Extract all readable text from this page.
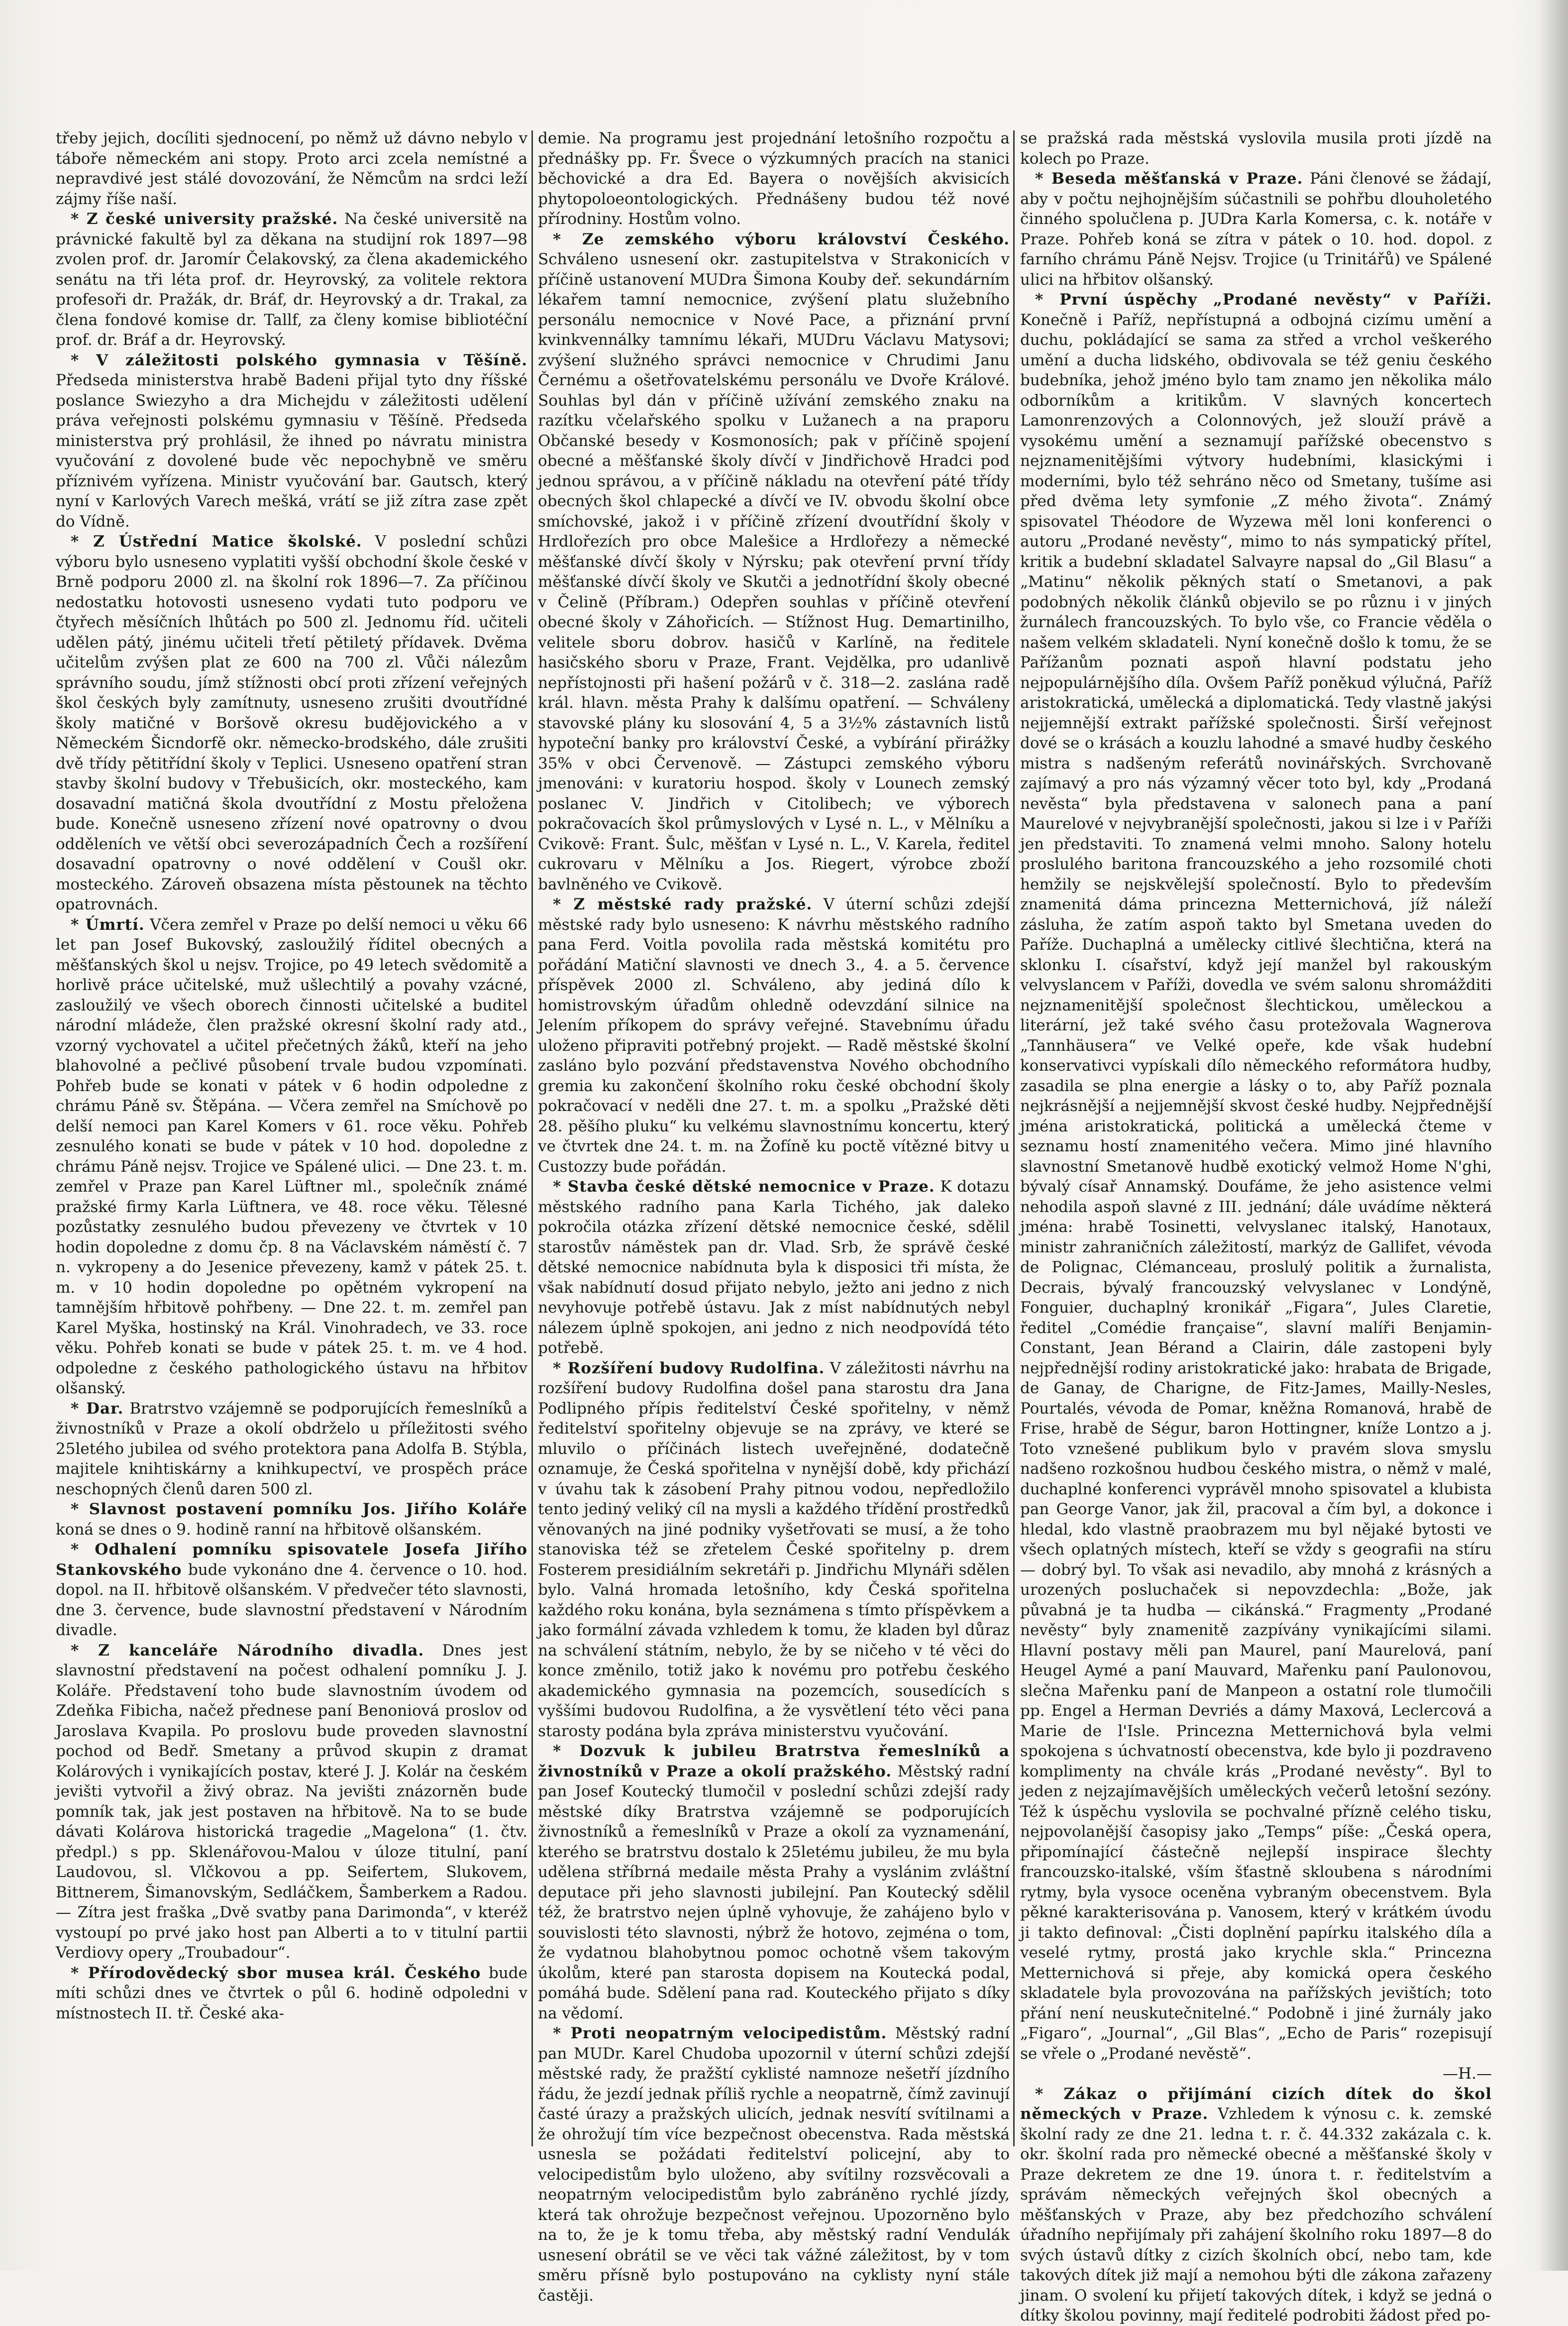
třeby jejich, docíliti sjednocení, po němž už dávno nebylo v táboře německém ani stopy. Proto arci zcela nemístné a nepravdivé jest stálé dovozování, že Němcům na srdci leží zájmy říše naší.

* Z české university pražské. Na české universitě na právnické fakultě byl za děkana na studijní rok 1897—98 zvolen prof. dr. Jaromír Čelakovský, za člena akademického senátu na tři léta prof. dr. Heyrovský, za volitele rektora profesoři dr. Pražák, dr. Bráf, dr. Heyrovský a dr. Trakal, za člena fondové komise dr. Tallf, za členy komise bibliotéční prof. dr. Bráf a dr. Heyrovský.

* V záležitosti polského gymnasia v Těšíně. Předseda ministerstva hrabě Badeni přijal tyto dny říšské poslance Swiezyho a dra Michejdu v záležitosti udělení práva veřejnosti polskému gymnasiu v Těšíně. Předseda ministerstva prý prohlásil, že ihned po návratu ministra vyučování z dovolené bude věc nepochybně ve směru příznivém vyřízena. Ministr vyučování bar. Gautsch, který nyní v Karlových Varech mešká, vrátí se již zítra zase zpět do Vídně.

* Z Ústřední Matice školské. V poslední schůzi výboru bylo usneseno vyplatiti vyšší obchodní škole české v Brně podporu 2000 zl. na školní rok 1896—7. Za příčinou nedostatku hotovosti usneseno vydati tuto podporu ve čtyřech měsíčních lhůtách po 500 zl. Jednomu říd. učiteli udělen pátý, jinému učiteli třetí pětiletý přídavek. Dvěma učitelům zvýšen plat ze 600 na 700 zl. Vůči nálezům správního soudu, jímž stížnosti obcí proti zřízení veřejných škol českých byly zamítnuty, usneseno zrušiti dvoutřídné školy matičné v Boršově okresu budějovického a v Německém Šicndorfě okr. německo-brodského, dále zrušiti dvě třídy pětitřídní školy v Teplici. Usneseno opatření stran stavby školní budovy v Třebušicích, okr. mosteckého, kam dosavadní matičná škola dvoutřídní z Mostu přeložena bude. Konečně usneseno zřízení nové opatrovny o dvou odděleních ve větší obci severozápadních Čech a rozšíření dosavadní opatrovny o nové oddělení v Coušl okr. mosteckého. Zároveň obsazena místa pěstounek na těchto opatrovnách.

* Úmrtí. Včera zemřel v Praze po delší nemoci u věku 66 let pan Josef Bukovský, zasloužilý říditel obecných a měšťanských škol u nejsv. Trojice, po 49 letech svědomitě a horlivě práce učitelské, muž ušlechtilý a povahy vzácné, zasloužilý ve všech oborech činnosti učitelské a buditel národní mládeže, člen pražské okresní školní rady atd., vzorný vychovatel a učitel přečetných žáků, kteří na jeho blahovolné a pečlivé působení trvale budou vzpomínati. Pohřeb bude se konati v pátek v 6 hodin odpoledne z chrámu Páně sv. Štěpána. — Včera zemřel na Smíchově po delší nemoci pan Karel Komers v 61. roce věku. Pohřeb zesnulého konati se bude v pátek v 10 hod. dopoledne z chrámu Páně nejsv. Trojice ve Spálené ulici. — Dne 23. t. m. zemřel v Praze pan Karel Lüftner ml., společník známé pražské firmy Karla Lüftnera, ve 48. roce věku. Tělesné pozůstatky zesnulého budou převezeny ve čtvrtek v 10 hodin dopoledne z domu čp. 8 na Václavském náměstí č. 7 n. vykropeny a do Jesenice převezeny, kamž v pátek 25. t. m. v 10 hodin dopoledne po opětném vykropení na tamnějším hřbitově pohřbeny. — Dne 22. t. m. zemřel pan Karel Myška, hostinský na Král. Vinohradech, ve 33. roce věku. Pohřeb konati se bude v pátek 25. t. m. ve 4 hod. odpoledne z českého pathologického ústavu na hřbitov olšanský.

* Dar. Bratrstvo vzájemně se podporujících řemeslníků a živnostníků v Praze a okolí obdrželo u příležitosti svého 25letého jubilea od svého protektora pana Adolfa B. Stýbla, majitele knihtiskárny a knihkupectví, ve prospěch práce neschopných členů daren 500 zl.

* Slavnost postavení pomníku Jos. Jiřího Koláře koná se dnes o 9. hodině ranní na hřbitově olšanském.

* Odhalení pomníku spisovatele Josefa Jiřího Stankovského bude vykonáno dne 4. července o 10. hod. dopol. na II. hřbitově olšanském. V předvečer této slavnosti, dne 3. července, bude slavnostní představení v Národním divadle.

* Z kanceláře Národního divadla. Dnes jest slavnostní představení na počest odhalení pomníku J. J. Koláře. Představení toho bude slavnostním úvodem od Zdeňka Fibicha, načež přednese paní Benoniová proslov od Jaroslava Kvapila. Po proslovu bude proveden slavnostní pochod od Bedř. Smetany a průvod skupin z dramat Kolárových i vynikajících postav, které J. J. Kolár na českém jevišti vytvořil a živý obraz. Na jevišti znázorněn bude pomník tak, jak jest postaven na hřbitově. Na to se bude dávati Kolárova historická tragedie „Magelona“ (1. čtv. předpl.) s pp. Sklenářovou-Malou v úloze titulní, paní Laudovou, sl. Vlčkovou a pp. Seifertem, Slukovem, Bittnerem, Šimanovským, Sedláčkem, Šamberkem a Radou. — Zítra jest fraška „Dvě svatby pana Darimonda“, v kteréž vystoupí po prvé jako host pan Alberti a to v titulní partii Verdiovy opery „Troubadour“.

* Přírodovědecký sbor musea král. Českého bude míti schůzi dnes ve čtvrtek o půl 6. hodině odpoledni v místnostech II. tř. České aka-

demie. Na programu jest projednání letošního rozpočtu a přednášky pp. Fr. Švece o výzkumných pracích na stanici běchovické a dra Ed. Bayera o novějších akvisicích phytopoloeontologických. Přednášeny budou též nové přírodniny. Hostům volno.

* Ze zemského výboru království Českého. Schváleno usnesení okr. zastupitelstva v Strakonicích v příčině ustanovení MUDra Šimona Kouby deř. sekundárním lékařem tamní nemocnice, zvýšení platu služebního personálu nemocnice v Nové Pace, a přiznání první kvinkvennálky tamnímu lékaři, MUDru Václavu Matysovi; zvýšení služného správci nemocnice v Chrudimi Janu Černému a ošetřovatelskému personálu ve Dvoře Králové. Souhlas byl dán v příčině užívání zemského znaku na razítku včelařského spolku v Lužanech a na praporu Občanské besedy v Kosmonosích; pak v příčině spojení obecné a měšťanské školy dívčí v Jindřichově Hradci pod jednou správou, a v příčině nákladu na otevření páté třídy obecných škol chlapecké a dívčí ve IV. obvodu školní obce smíchovské, jakož i v příčině zřízení dvoutřídní školy v Hrdlořezích pro obce Malešice a Hrdlořezy a německé měšťanské dívčí školy v Nýrsku; pak otevření první třídy měšťanské dívčí školy ve Skutči a jednotřídní školy obecné v Čelině (Příbram.) Odepřen souhlas v příčině otevření obecné školy v Záhořicích. — Stížnost Hug. Demartinilho, velitele sboru dobrov. hasičů v Karlíně, na ředitele hasičského sboru v Praze, Frant. Vejdělka, pro udanlivě nepřístojnosti při hašení požárů v č. 318—2. zaslána radě král. hlavn. města Prahy k dalšímu opatření. — Schváleny stavovské plány ku slosování 4, 5 a 3½% zástavních listů hypoteční banky pro království České, a vybírání přirážky 35% v obci Červenově. — Zástupci zemského výboru jmenováni: v kuratoriu hospod. školy v Lounech zemský poslanec V. Jindřich v Citolibech; ve výborech pokračovacích škol průmyslových v Lysé n. L., v Mělníku a Cvikově: Frant. Šulc, měšťan v Lysé n. L., V. Karela, ředitel cukrovaru v Mělníku a Jos. Riegert, výrobce zboží bavlněného ve Cvikově.

* Z městské rady pražské. V úterní schůzi zdejší městské rady bylo usneseno: K návrhu městského radního pana Ferd. Voitla povolila rada městská komitétu pro pořádání Matiční slavnosti ve dnech 3., 4. a 5. července příspěvek 2000 zl. Schváleno, aby jediná dílo k homistrovským úřadům ohledně odevzdání silnice na Jelením příkopem do správy veřejné. Stavebnímu úřadu uloženo připraviti potřebný projekt. — Radě městské školní zasláno bylo pozvání představenstva Nového obchodního gremia ku zakončení školního roku české obchodní školy pokračovací v neděli dne 27. t. m. a spolku „Pražské děti 28. pěšího pluku“ ku velkému slavnostnímu koncertu, který ve čtvrtek dne 24. t. m. na Žofíně ku poctě vítězné bitvy u Custozzy bude pořádán.

* Stavba české dětské nemocnice v Praze. K dotazu městského radního pana Karla Tichého, jak daleko pokročila otázka zřízení dětské nemocnice české, sdělil starostův náměstek pan dr. Vlad. Srb, že správě české dětské nemocnice nabídnuta byla k disposici tři místa, že však nabídnutí dosud přijato nebylo, ježto ani jedno z nich nevyhovuje potřebě ústavu. Jak z míst nabídnutých nebyl nálezem úplně spokojen, ani jedno z nich neodpovídá této potřebě.

* Rozšíření budovy Rudolfina. V záležitosti návrhu na rozšíření budovy Rudolfina došel pana starostu dra Jana Podlipného přípis ředitelství České spořitelny, v němž ředitelství spořitelny objevuje se na zprávy, ve které se mluvilo o příčinách listech uveřejněné, dodatečně oznamuje, že Česká spořitelna v nynější době, kdy přichází v úvahu tak k zásobení Prahy pitnou vodou, nepředložilo tento jediný veliký cíl na mysli a každého třídění prostředků věnovaných na jiné podniky vyšetřovati se musí, a že toho stanoviska též se zřetelem České spořitelny p. drem Fosterem presidiálním sekretáři p. Jindřichu Mlynáři sdělen bylo. Valná hromada letošního, kdy Česká spořitelna každého roku konána, byla seznámena s tímto příspěvkem a jako formální závada vzhledem k tomu, že kladen byl důraz na schválení státním, nebylo, že by se ničeho v té věci do konce změnilo, totiž jako k novému pro potřebu českého akademického gymnasia na pozemcích, sousedících s vyššími budovou Rudolfina, a že vysvětlení této věci pana starosty podána byla zpráva ministerstvu vyučování.

* Dozvuk k jubileu Bratrstva řemeslníků a živnostníků v Praze a okolí pražského. Městský radní pan Josef Koutecký tlumočil v poslední schůzi zdejší rady městské díky Bratrstva vzájemně se podporujících živnostníků a řemeslníků v Praze a okolí za vyznamenání, kterého se bratrstvu dostalo k 25letému jubileu, že mu byla udělena stříbrná medaile města Prahy a vyslánim zvláštní deputace při jeho slavnosti jubilejní. Pan Koutecký sdělil též, že bratrstvo nejen úplně vyhovuje, že zahájeno bylo v souvislosti této slavnosti, nýbrž že hotovo, zejména o tom, že vydatnou blahobytnou pomoc ochotně všem takovým úkolům, které pan starosta dopisem na Koutecká podal, pomáhá bude. Sdělení pana rad. Kouteckého přijato s díky na vědomí.

* Proti neopatrným velocipedistům. Městský radní pan MUDr. Karel Chudoba upozornil v úterní schůzi zdejší městské rady, že pražští cyklisté namnoze nešetří jízdního řádu, že jezdí jednak příliš rychle a neopatrně, čímž zavinují časté úrazy a pražských ulicích, jednak nesvítí svítilnami a že ohrožují tím více bezpečnost obecenstva. Rada městská usnesla se požádati ředitelství policejní, aby to velocipedistům bylo uloženo, aby svítilny rozsvěcovali a neopatrným velocipedistům bylo zabráněno rychlé jízdy, která tak ohrožuje bezpečnost veřejnou. Upozorněno bylo na to, že je k tomu třeba, aby městský radní Vendulák usnesení obrátil se ve věci tak vážné záležitost, by v tom směru přísně bylo postupováno na cyklisty nyní stále častěji.

se pražská rada městská vyslovila musila proti jízdě na kolech po Praze.

* Beseda měšťanská v Praze. Páni členové se žádají, aby v počtu nejhojnějším súčastnili se pohřbu dlouholetého činného spolučlena p. JUDra Karla Komersa, c. k. notáře v Praze. Pohřeb koná se zítra v pátek o 10. hod. dopol. z farního chrámu Páně Nejsv. Trojice (u Trinitářů) ve Spálené ulici na hřbitov olšanský.

* První úspěchy „Prodané nevěsty“ v Paříži. Konečně i Paříž, nepřístupná a odbojná cizímu umění a duchu, pokládající se sama za střed a vrchol veškerého umění a ducha lidského, obdivovala se též geniu českého budebníka, jehož jméno bylo tam znamo jen několika málo odborníkům a kritikům. V slavných koncertech Lamonrenzových a Colonnových, jež slouží právě a vysokému umění a seznamují pařížské obecenstvo s nejznamenitějšími výtvory hudebními, klasickými i moderními, bylo též sehráno něco od Smetany, tušíme asi před dvěma lety symfonie „Z mého života“. Známý spisovatel Théodore de Wyzewa měl loni konferenci o autoru „Prodané nevěsty“, mimo to nás sympatický přítel, kritik a budební skladatel Salvayre napsal do „Gil Blasu“ a „Matinu“ několik pěkných statí o Smetanovi, a pak podobných několik článků objevilo se po různu i v jiných žurnálech francouzských. To bylo vše, co Francie věděla o našem velkém skladateli. Nyní konečně došlo k tomu, že se Pařížanům poznati aspoň hlavní podstatu jeho nejpopulárnějšího díla. Ovšem Paříž poněkud výlučná, Paříž aristokratická, umělecká a diplomatická. Tedy vlastně jakýsi nejjemnější extrakt pařížské společnosti. Širší veřejnost dové se o krásách a kouzlu lahodné a smavé hudby českého mistra s nadšeným referátů novinářských. Svrchovaně zajímavý a pro nás výzamný věcer toto byl, kdy „Prodaná nevěsta“ byla představena v salonech pana a paní Maurelové v nejvybranější společnosti, jakou si lze i v Paříži jen představiti. To znamená velmi mnoho. Salony hotelu proslulého baritona francouzského a jeho rozsomilé choti hemžily se nejskvělejší společností. Bylo to především znamenitá dáma princezna Metternichová, jíž náleží zásluha, že zatím aspoň takto byl Smetana uveden do Paříže. Duchaplná a umělecky citlivé šlechtična, která na sklonku I. císařství, když její manžel byl rakouským velvyslancem v Paříži, dovedla ve svém salonu shromážditi nejznamenitější společnost šlechtickou, uměleckou a literární, jež také svého času protežovala Wagnerova „Tannhäusera“ ve Velké opeře, kde však hudební konservativci vypískali dílo německého reformátora hudby, zasadila se plna energie a lásky o to, aby Paříž poznala nejkrásnější a nejjemnější skvost české hudby. Nejpřednější jména aristokratická, politická a umělecká čteme v seznamu hostí znamenitého večera. Mimo jiné hlavního slavnostní Smetanově hudbě exotický velmož Home N'ghi, bývalý císař Annamský. Doufáme, že jeho asistence velmi nehodila aspoň slavné z III. jednání; dále uvádíme některá jména: hrabě Tosinetti, velvyslanec italský, Hanotaux, ministr zahraničních záležitostí, markýz de Gallifet, vévoda de Polignac, Clémanceau, proslulý politik a žurnalista, Decrais, bývalý francouzský velvyslanec v Londýně, Fonguier, duchaplný kronikář „Figara“, Jules Claretie, ředitel „Comédie française“, slavní malíři Benjamin-Constant, Jean Bérand a Clairin, dále zastopeni byly nejpřednější rodiny aristokratické jako: hrabata de Brigade, de Ganay, de Charigne, de Fitz-James, Mailly-Nesles, Pourtalés, vévoda de Pomar, kněžna Romanová, hrabě de Frise, hrabě de Ségur, baron Hottingner, kníže Lontzo a j. Toto vznešené publikum bylo v pravém slova smyslu nadšeno rozkošnou hudbou českého mistra, o němž v malé, duchaplné konferenci vyprávěl mnoho spisovatel a klubista pan George Vanor, jak žil, pracoval a čím byl, a dokonce i hledal, kdo vlastně praobrazem mu byl nějaké bytosti ve všech oplatných místech, kteří se vždy s geografii na stíru — dobrý byl. To však asi nevadilo, aby mnohá z krásných a urozených posluchaček si nepovzdechla: „Bože, jak půvabná je ta hudba — cikánská.“ Fragmenty „Prodané nevěsty“ byly znamenitě zazpívány vynikajícími silami. Hlavní postavy měli pan Maurel, paní Maurelová, paní Heugel Aymé a paní Mauvard, Mařenku paní Paulonovou, slečna Mařenku paní de Manpeon a ostatní role tlumočili pp. Engel a Herman Devriés a dámy Maxová, Leclercová a Marie de l'Isle. Princezna Metternichová byla velmi spokojena s úchvatností obecenstva, kde bylo ji pozdraveno komplimenty na chvále krás „Prodané nevěsty“. Byl to jeden z nejzajímavějších uměleckých večerů letošní sezóny. Též k úspěchu vyslovila se pochvalné přízně celého tisku, nejpovolanější časopisy jako „Temps“ píše: „Česká opera, připomínající částečně nejlepší inspirace šlechty francouzsko-italské, vším šťastně skloubena s národními rytmy, byla vysoce oceněna vybraným obecenstvem. Byla pěkné karakterisována p. Vanosem, který v krátkém úvodu ji takto definoval: „Čisti doplnění papírku italského díla a veselé rytmy, prostá jako krychle skla.“ Princezna Metternichová si přeje, aby komická opera českého skladatele byla provozována na pařížských jevištích; toto přání není neuskutečnitelné.“ Podobně i jiné žurnály jako „Figaro“, „Journal“, „Gil Blas“, „Echo de Paris“ rozepisují se vřele o „Prodané nevěstě“.

—H.—

* Zákaz o přijímání cizích dítek do škol německých v Praze. Vzhledem k výnosu c. k. zemské školní rady ze dne 21. ledna t. r. č. 44.332 zakázala c. k. okr. školní rada pro německé obecné a měšťanské školy v Praze dekretem ze dne 19. února t. r. ředitelstvím a správám německých veřejných škol obecných a měšťanských v Praze, aby bez předchozího schválení úřadního nepřijímaly při zahájení školního roku 1897—8 do svých ústavů dítky z cizích školních obcí, nebo tam, kde takových dítek již mají a nemohou býti dle zákona zařazeny jinam. O svolení ku přijetí takových dítek, i když se jedná o dítky školou povinny, mají ředitelé podrobiti žádost před po-
